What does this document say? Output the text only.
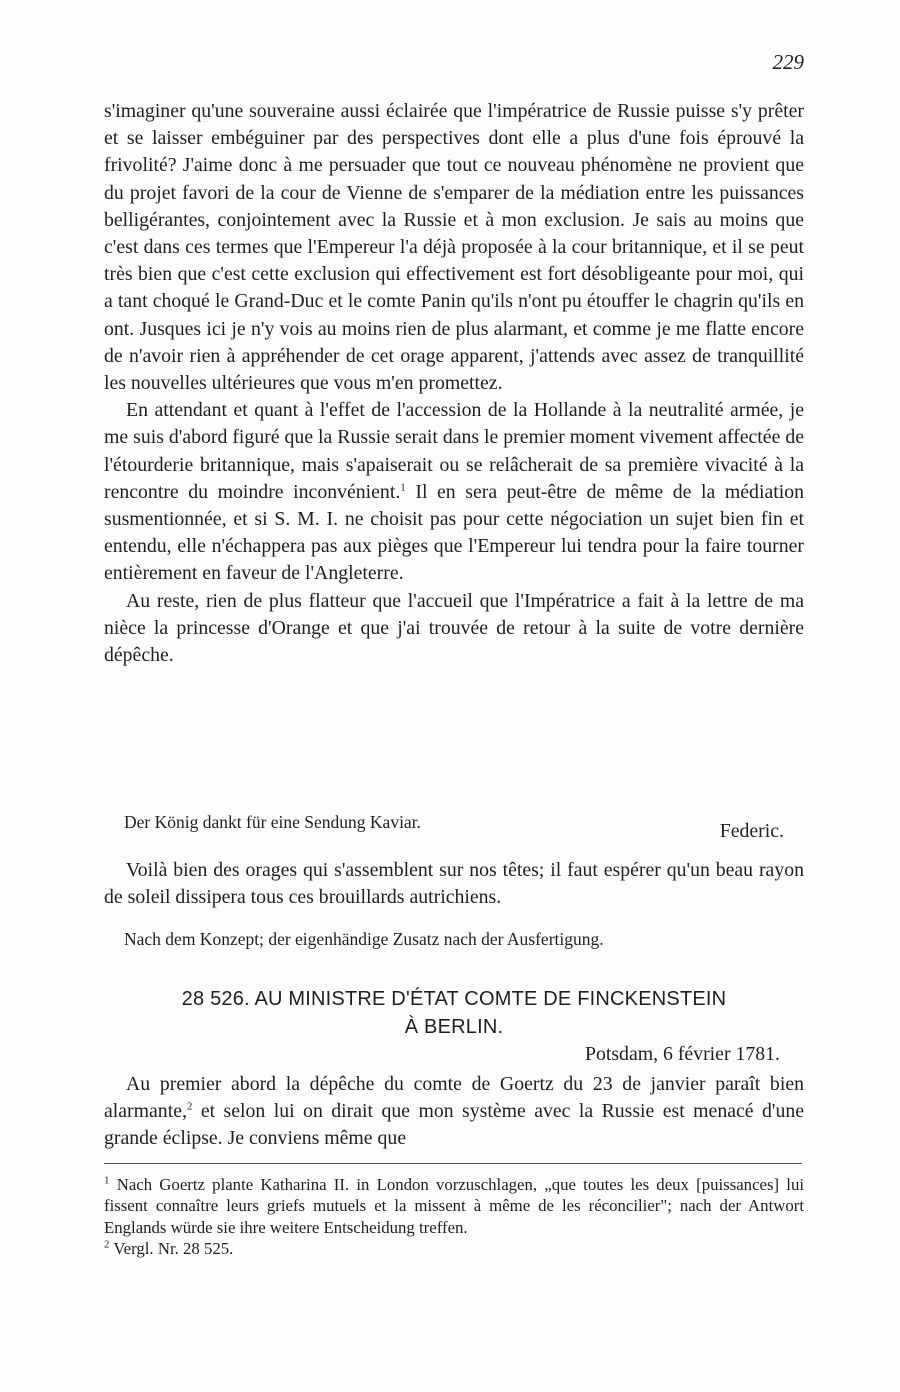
229

s'imaginer qu'une souveraine aussi éclairée que l'impératrice de Russie puisse s'y prêter et se laisser embéguiner par des perspectives dont elle a plus d'une fois éprouvé la frivolité? J'aime donc à me persuader que tout ce nouveau phénomène ne provient que du projet favori de la cour de Vienne de s'emparer de la médiation entre les puissances belligérantes, conjointement avec la Russie et à mon exclusion. Je sais au moins que c'est dans ces termes que l'Empereur l'a déjà proposée à la cour britannique, et il se peut très bien que c'est cette exclusion qui effectivement est fort désobligeante pour moi, qui a tant choqué le Grand-Duc et le comte Panin qu'ils n'ont pu étouffer le chagrin qu'ils en ont. Jusques ici je n'y vois au moins rien de plus alarmant, et comme je me flatte encore de n'avoir rien à appréhender de cet orage apparent, j'attends avec assez de tranquillité les nouvelles ultérieures que vous m'en promettez.

En attendant et quant à l'effet de l'accession de la Hollande à la neutralité armée, je me suis d'abord figuré que la Russie serait dans le premier moment vivement affectée de l'étourderie britannique, mais s'apaiserait ou se relâcherait de sa première vivacité à la rencontre du moindre inconvénient.$^1$ Il en sera peut-être de même de la médiation susmentionnée, et si S. M. I. ne choisit pas pour cette négociation un sujet bien fin et entendu, elle n'échappera pas aux pièges que l'Empereur lui tendra pour la faire tourner entièrement en faveur de l'Angleterre.

Au reste, rien de plus flatteur que l'accueil que l'Impératrice a fait à la lettre de ma nièce la princesse d'Orange et que j'ai trouvée de retour à la suite de votre dernière dépêche.

Der König dankt für eine Sendung Kaviar.	Federic.

Voilà bien des orages qui s'assemblent sur nos têtes; il faut espérer qu'un beau rayon de soleil dissipera tous ces brouillards autrichiens.

Nach dem Konzept; der eigenhändige Zusatz nach der Ausfertigung.
28 526. AU MINISTRE D'ÉTAT COMTE DE FINCKENSTEIN
À BERLIN.
Potsdam, 6 février 1781.

Au premier abord la dépêche du comte de Goertz du 23 de janvier paraît bien alarmante,$^2$ et selon lui on dirait que mon système avec la Russie est menacé d'une grande éclipse. Je conviens même que

$^1$ Nach Goertz plante Katharina II. in London vorzuschlagen, „que toutes les deux [puissances] lui fissent connaître leurs griefs mutuels et la missent à même de les réconcilier"; nach der Antwort Englands würde sie ihre weitere Entscheidung treffen.

$^2$ Vergl. Nr. 28 525.
